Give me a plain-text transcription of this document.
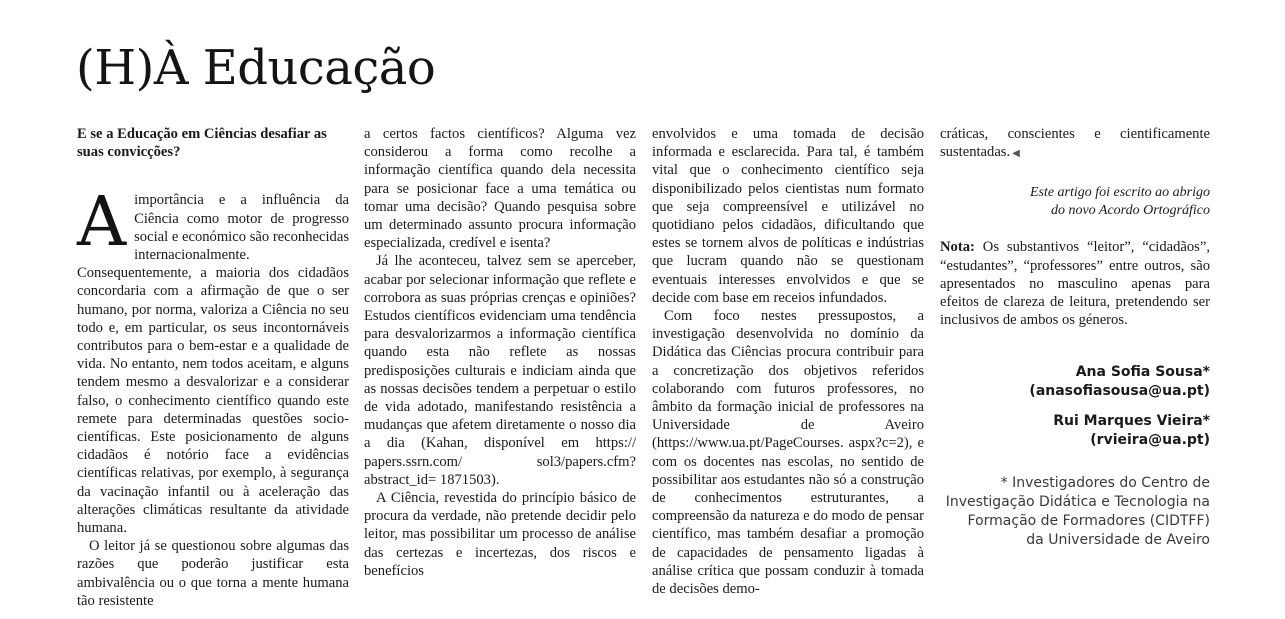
(H)À Educação

E se a Educação em Ciências desafiar as suas convicções?

Aimportância e a influência da Ciência como motor de progresso social e económico são reconhecidas internacionalmente. Consequentemente, a maioria dos cidadãos concordaria com a afirmação de que o ser humano, por norma, valoriza a Ciência no seu todo e, em particular, os seus incontornáveis contributos para o bem-estar e a qualidade de vida. No entanto, nem todos aceitam, e alguns tendem mesmo a desvalorizar e a considerar falso, o conhecimento científico quando este remete para determinadas questões socio-científicas. Este posicionamento de alguns cidadãos é notório face a evidências científicas relativas, por exemplo, à segurança da vacinação infantil ou à aceleração das alterações climáticas resultante da atividade humana.

O leitor já se questionou sobre algumas das razões que poderão justificar esta ambivalência ou o que torna a mente humana tão resistente

a certos factos científicos? Alguma vez considerou a forma como recolhe a informação científica quando dela necessita para se posicionar face a uma temática ou tomar uma decisão? Quando pesquisa sobre um determinado assunto procura informação especializada, credível e isenta?

Já lhe aconteceu, talvez sem se aperceber, acabar por selecionar informação que reflete e corrobora as suas próprias crenças e opiniões? Estudos científicos evidenciam uma tendência para desvalorizarmos a informação científica quando esta não reflete as nossas predisposições culturais e indiciam ainda que as nossas decisões tendem a perpetuar o estilo de vida adotado, manifestando resistência a mudanças que afetem diretamente o nosso dia a dia (Kahan, disponível em https:// papers.ssrn.com/ sol3/papers.cfm? abstract_id= 1871503).

A Ciência, revestida do princípio básico de procura da verdade, não pretende decidir pelo leitor, mas possibilitar um processo de análise das certezas e incertezas, dos riscos e benefícios

envolvidos e uma tomada de decisão informada e esclarecida. Para tal, é também vital que o conhecimento científico seja disponibilizado pelos cientistas num formato que seja compreensível e utilizável no quotidiano pelos cidadãos, dificultando que estes se tornem alvos de políticas e indústrias que lucram quando não se questionam eventuais interesses envolvidos e que se decide com base em receios infundados.

Com foco nestes pressupostos, a investigação desenvolvida no domínio da Didática das Ciências procura contribuir para a concretização dos objetivos referidos colaborando com futuros professores, no âmbito da formação inicial de professores na Universidade de Aveiro (https://www.ua.pt/PageCourses. aspx?c=2), e com os docentes nas escolas, no sentido de possibilitar aos estudantes não só a construção de conhecimentos estruturantes, a compreensão da natureza e do modo de pensar científico, mas também desafiar a promoção de capacidades de pensamento ligadas à análise crítica que possam conduzir à tomada de decisões demo-

cráticas, conscientes e cientificamente sustentadas. ◀

Este artigo foi escrito ao abrigo
do novo Acordo Ortográfico

Nota: Os substantivos “leitor”, “cidadãos”, “estudantes”, “professores” entre outros, são apresentados no masculino apenas para efeitos de clareza de leitura, pretendendo ser inclusivos de ambos os géneros.

Ana Sofia Sousa*
(anasofiasousa@ua.pt)
Rui Marques Vieira*
(rvieira@ua.pt)
* Investigadores do Centro de
Investigação Didática e Tecnologia na
Formação de Formadores (CIDTFF)
da Universidade de Aveiro
